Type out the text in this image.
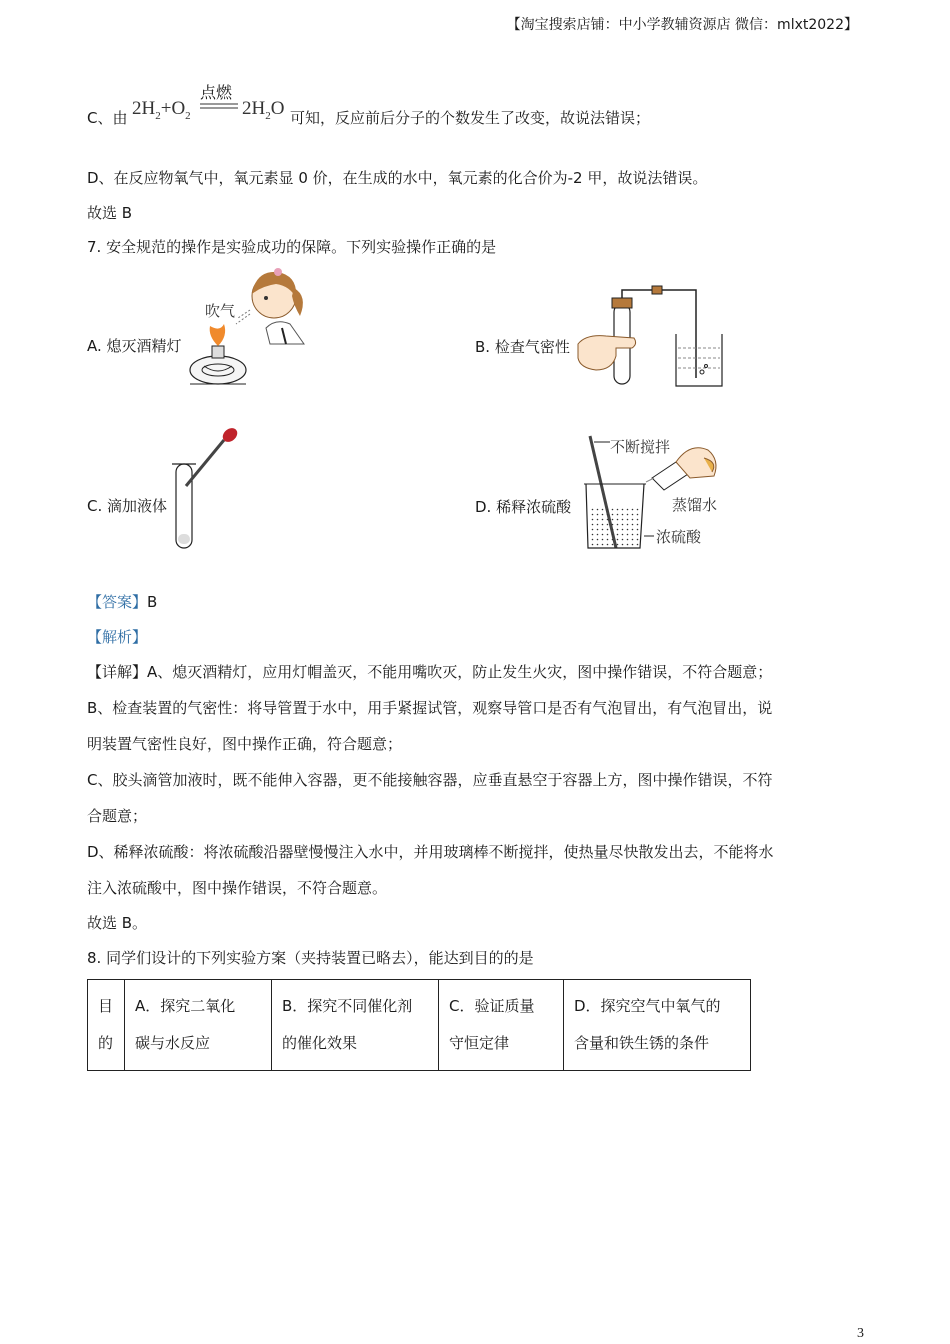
【淘宝搜索店铺：中小学教辅资源店 微信：mlxt2022】
C、由 $2H_2+O_2$
点燃
$2H_2O$ 可知，反应前后分子的个数发生了改变，故说法错误；
D、在反应物氧气中，氧元素显 0 价，在生成的水中，氧元素的化合价为-2 甲，故说法错误。
故选 B
7. 安全规范的操作是实验成功的保障。下列实验操作正确的是
A. 熄灭酒精灯
吹气
B. 检查气密性
C. 滴加液体	D. 稀释浓硫酸
不断搅拌
蒸馏水
浓硫酸
【答案】B
【解析】
【详解】A、熄灭酒精灯，应用灯帽盖灭，不能用嘴吹灭，防止发生火灾，图中操作错误，不符合题意；
B、检查装置的气密性：将导管置于水中，用手紧握试管，观察导管口是否有气泡冒出，有气泡冒出，说
明装置气密性良好，图中操作正确，符合题意；
C、胶头滴管加液时，既不能伸入容器，更不能接触容器，应垂直悬空于容器上方，图中操作错误，不符
合题意；
D、稀释浓硫酸：将浓硫酸沿器壁慢慢注入水中，并用玻璃棒不断搅拌，使热量尽快散发出去，不能将水
注入浓硫酸中，图中操作错误，不符合题意。
故选 B。
8. 同学们设计的下列实验方案（夹持装置已略去），能达到目的的是
目
的

A．探究二氧化
碳与水反应

B．探究不同催化剂
的催化效果

C．验证质量
守恒定律

D．探究空气中氧气的
含量和铁生锈的条件
3
